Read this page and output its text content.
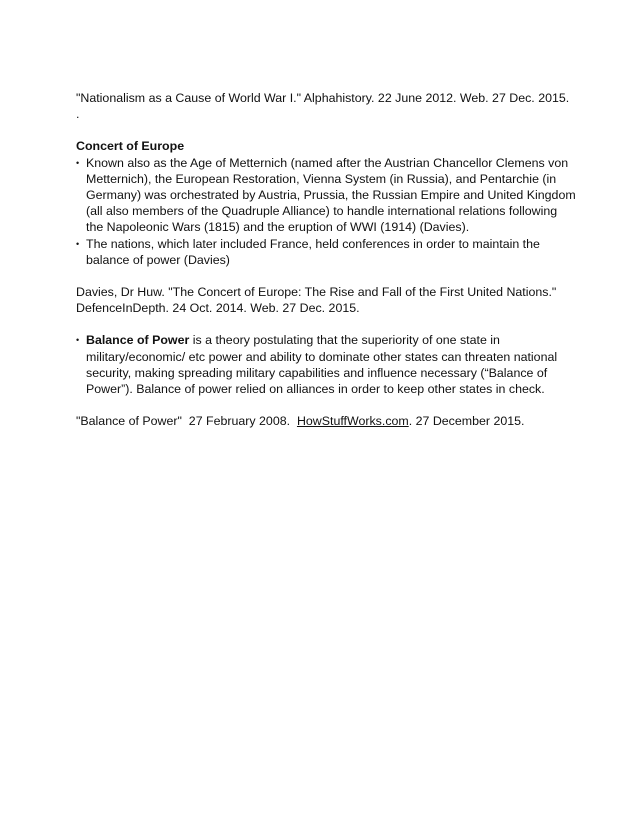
"Nationalism as a Cause of World War I." Alphahistory. 22 June 2012. Web. 27 Dec. 2015. .

Concert of Europe

• Known also as the Age of Metternich (named after the Austrian Chancellor Clemens von Metternich), the European Restoration, Vienna System (in Russia), and Pentarchie (in Germany) was orchestrated by Austria, Prussia, the Russian Empire and United Kingdom (all also members of the Quadruple Alliance) to handle international relations following the Napoleonic Wars (1815) and the eruption of WWI (1914) (Davies).
• The nations, which later included France, held conferences in order to maintain the balance of power (Davies)

Davies, Dr Huw. "The Concert of Europe: The Rise and Fall of the First United Nations."
DefenceInDepth. 24 Oct. 2014. Web. 27 Dec. 2015.

• Balance of Power is a theory postulating that the superiority of one state in military/economic/ etc power and ability to dominate other states can threaten national security, making spreading military capabilities and influence necessary (“Balance of Power”). Balance of power relied on alliances in order to keep other states in check.

"Balance of Power"  27 February 2008.  HowStuffWorks.com. 27 December 2015.
